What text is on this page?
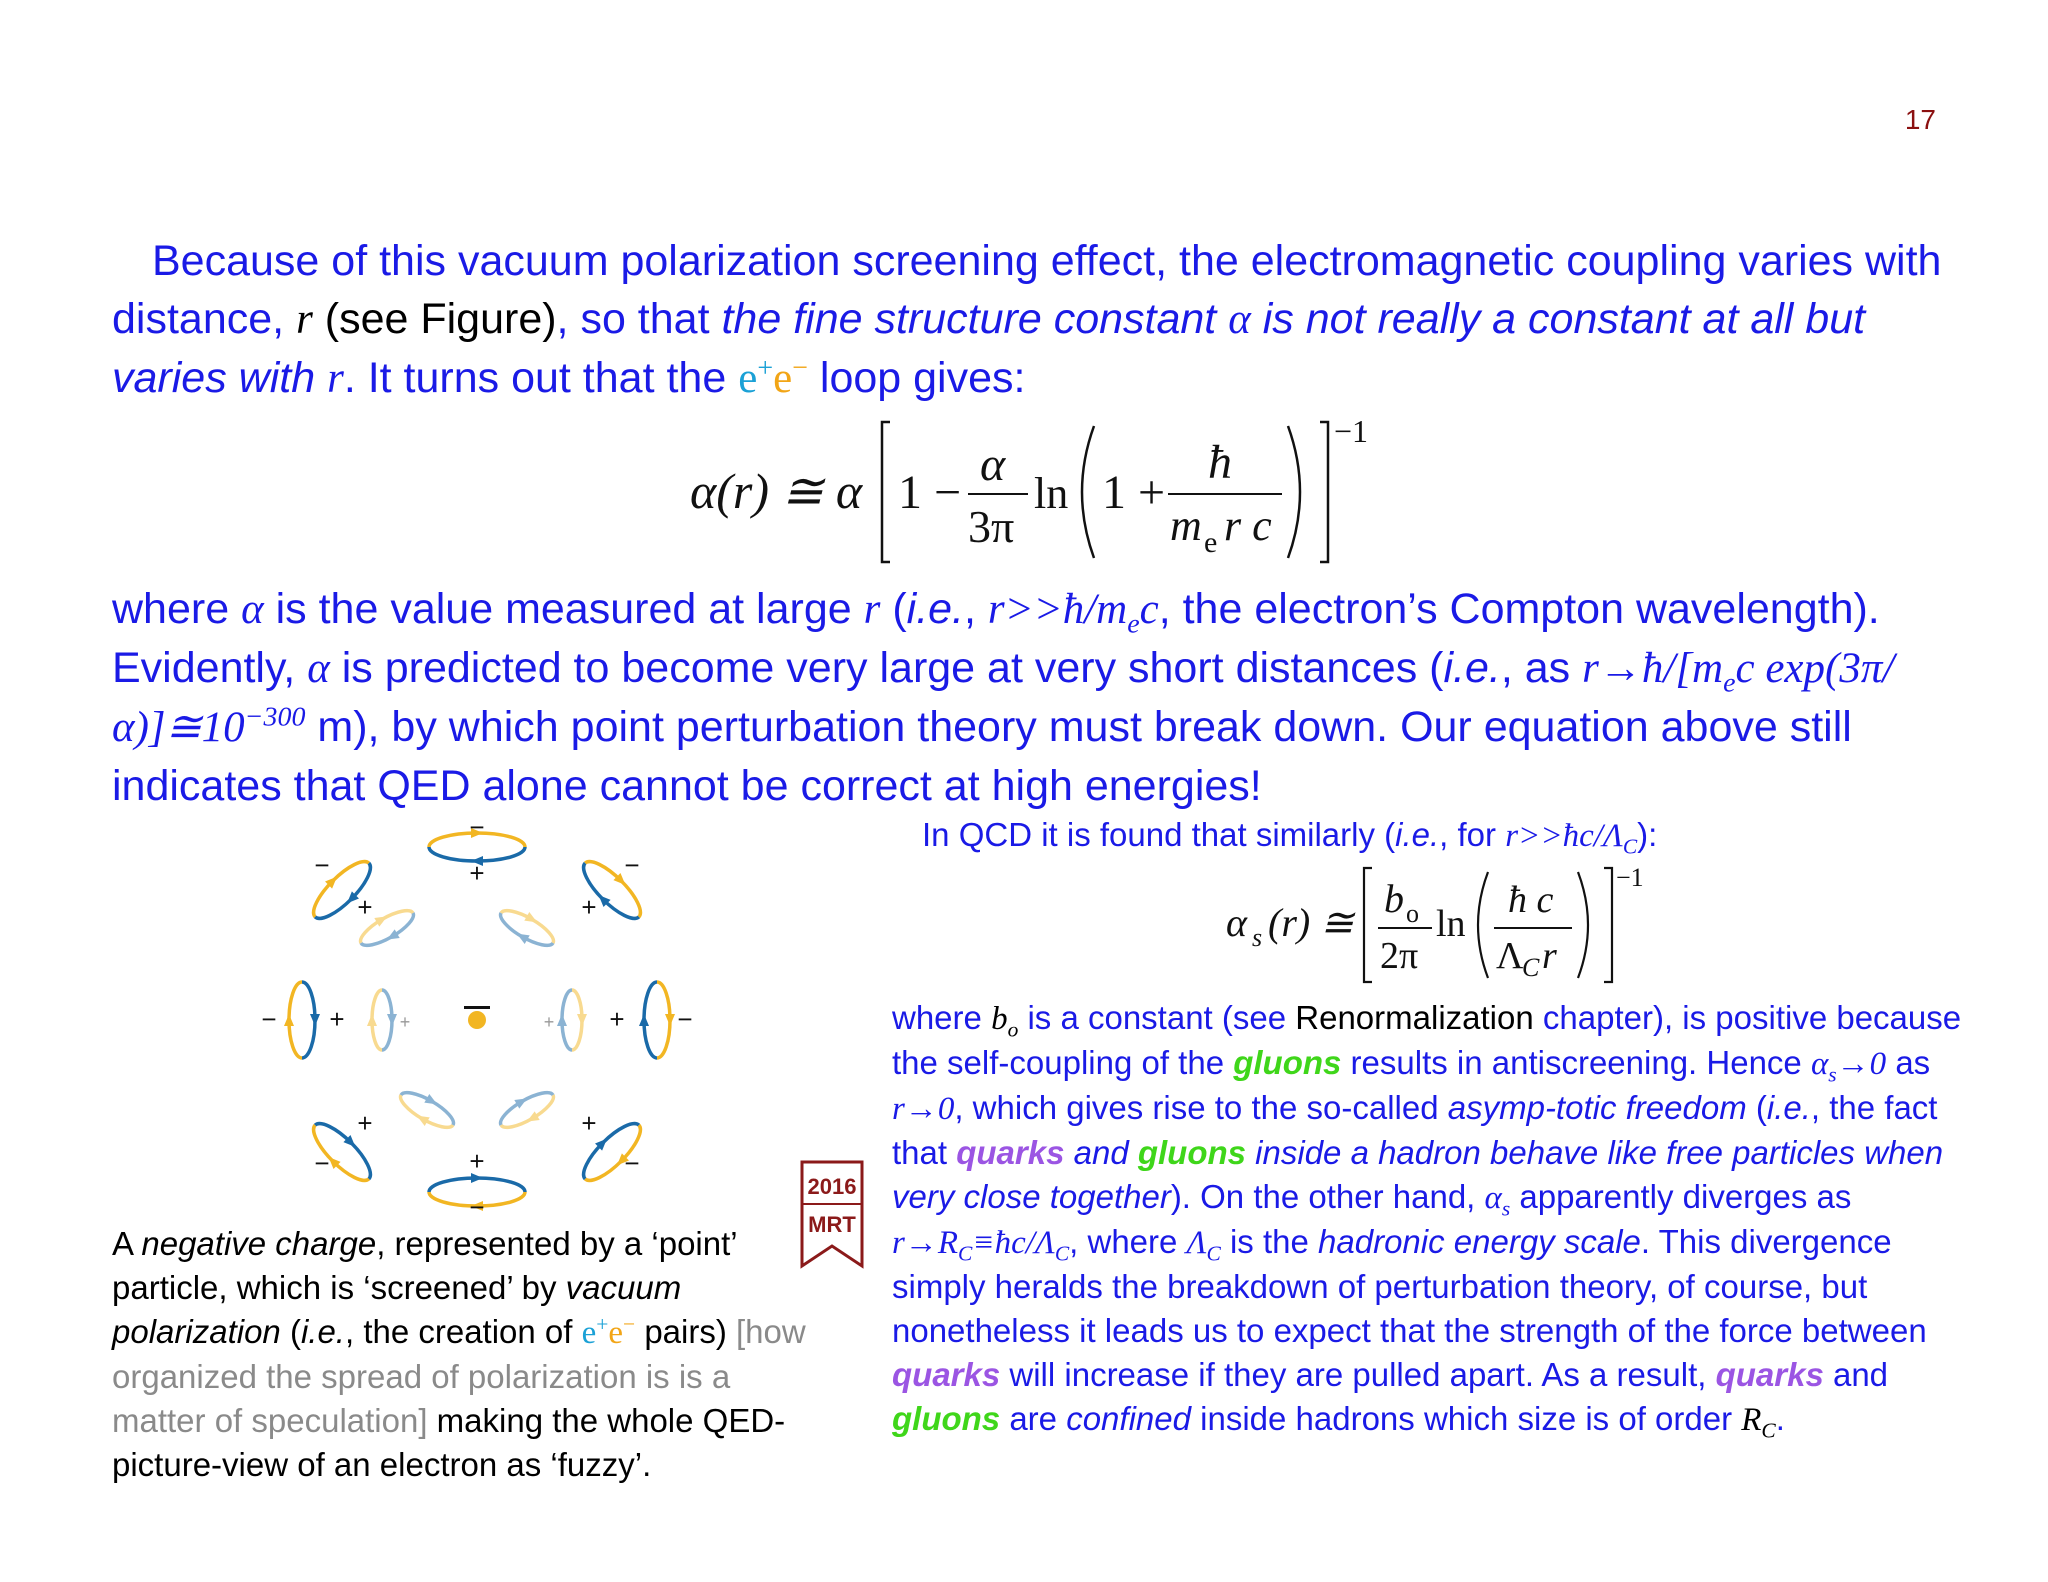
17
Because of this vacuum polarization screening effect, the electromagnetic coupling varies with distance, r (see Figure), so that the fine structure constant α is not really a constant at all but varies with r. It turns out that the e+e− loop gives:
α(r) ≅ α 1 −
α
3π
ln 1 +
ħ
m e r c
−1
where α is the value measured at large r (i.e., $r>>ħ/m_ec$, the electron’s Compton wavelength). Evidently, α is predicted to become very large at very short distances (i.e., as $r\to ħ/[m_ec$ $\exp(3\pi/\alpha)]≅10^{-300}$ m), by which point perturbation theory must break down. Our equation above still indicates that QED alone cannot be correct at high energies!
In QCD it is found that similarly (i.e., for $r>>ħc/\Lambda_C$):
α s (r) ≅
b o
2π
ln
ħ c
Λ
C r
−1
where $b_o$ is a constant (see Renormalization chapter), is positive because the self-coupling of the gluons results in antiscreening. Hence $\alpha_s\to 0$ as r→0, which gives rise to the so-called asymp-totic freedom (i.e., the fact that quarks and gluons inside a hadron behave like free particles when very close together). On the other hand, $\alpha_s$ apparently diverges as $r\to R_C\equiv ħc/\Lambda_C$, where $\Lambda_C$ is the hadronic energy scale. This divergence simply heralds the breakdown of perturbation theory, of course, but nonetheless it leads us to expect that the strength of the force between quarks will increase if they are pulled apart. As a result, quarks and gluons are confined inside hadrons which size is of order $R_C$.
−
+
−
+
−
+
− +	−
+
+
−
+
−
+
−
+	+
A negative charge, represented by a ‘point’ particle, which is ‘screened’ by vacuum polarization (i.e., the creation of e+e− pairs) [how organized the spread of polarization is is a matter of speculation] making the whole QED-picture-view of an electron as ‘fuzzy’.
2016
MRT
